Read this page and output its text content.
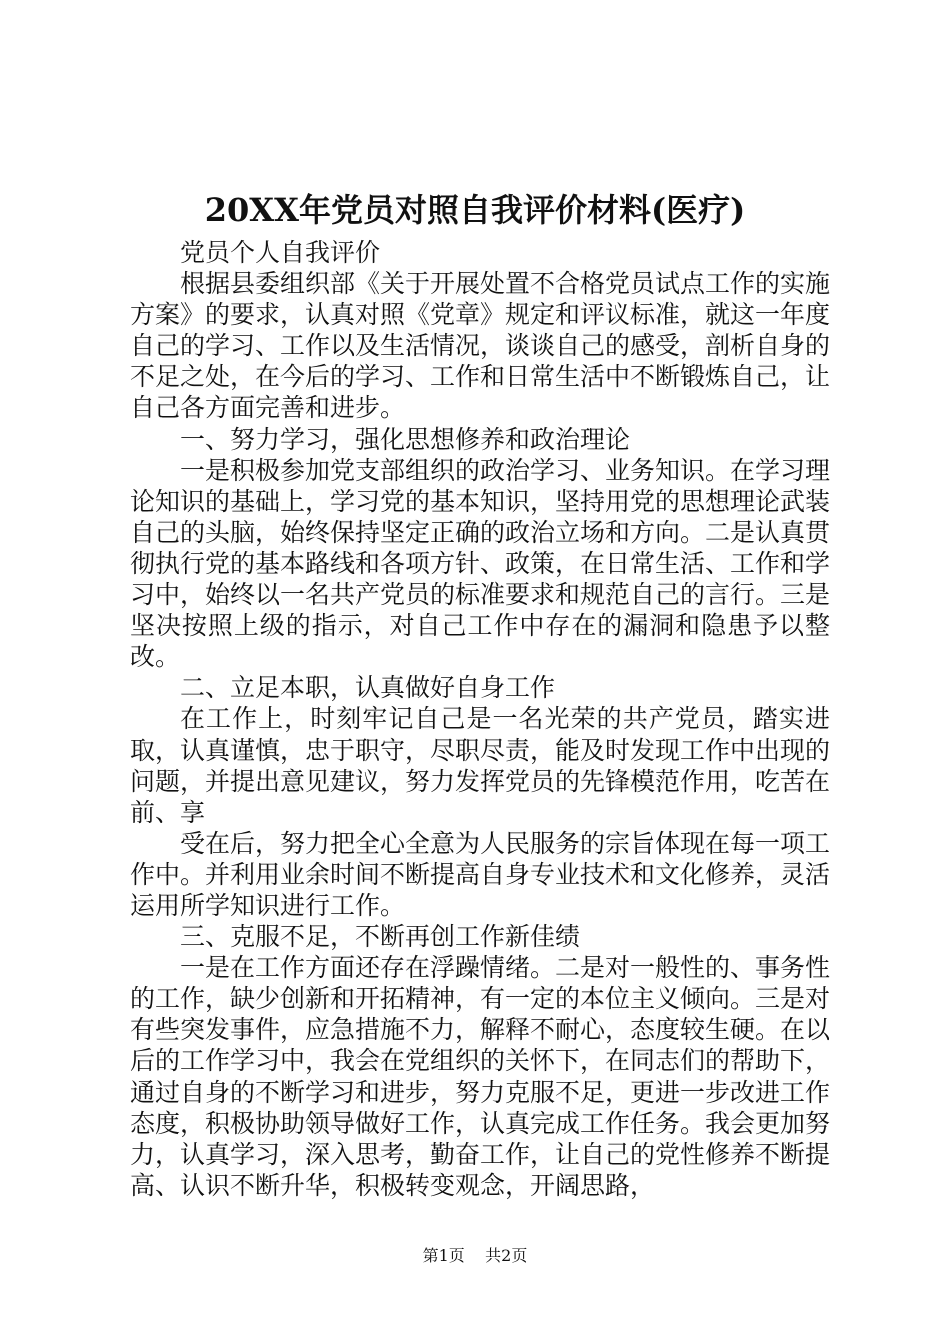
20XX年党员对照自我评价材料(医疗)

党员个人自我评价

根据县委组织部《关于开展处置不合格党员试点工作的实施方案》的要求，认真对照《党章》规定和评议标准，就这一年度自己的学习、工作以及生活情况，谈谈自己的感受，剖析自身的不足之处，在今后的学习、工作和日常生活中不断锻炼自己，让自己各方面完善和进步。

一、努力学习，强化思想修养和政治理论

一是积极参加党支部组织的政治学习、业务知识。在学习理论知识的基础上，学习党的基本知识，坚持用党的思想理论武装自己的头脑，始终保持坚定正确的政治立场和方向。二是认真贯彻执行党的基本路线和各项方针、政策，在日常生活、工作和学习中，始终以一名共产党员的标准要求和规范自己的言行。三是坚决按照上级的指示，对自己工作中存在的漏洞和隐患予以整改。

二、立足本职，认真做好自身工作

在工作上，时刻牢记自己是一名光荣的共产党员，踏实进取，认真谨慎，忠于职守，尽职尽责，能及时发现工作中出现的问题，并提出意见建议，努力发挥党员的先锋模范作用，吃苦在前、享

受在后，努力把全心全意为人民服务的宗旨体现在每一项工作中。并利用业余时间不断提高自身专业技术和文化修养，灵活运用所学知识进行工作。

三、克服不足，不断再创工作新佳绩

一是在工作方面还存在浮躁情绪。二是对一般性的、事务性的工作，缺少创新和开拓精神，有一定的本位主义倾向。三是对有些突发事件，应急措施不力，解释不耐心，态度较生硬。在以后的工作学习中，我会在党组织的关怀下，在同志们的帮助下，通过自身的不断学习和进步，努力克服不足，更进一步改进工作态度，积极协助领导做好工作，认真完成工作任务。我会更加努力，认真学习，深入思考，勤奋工作，让自己的党性修养不断提高、认识不断升华，积极转变观念，开阔思路，

第1页 共2页
